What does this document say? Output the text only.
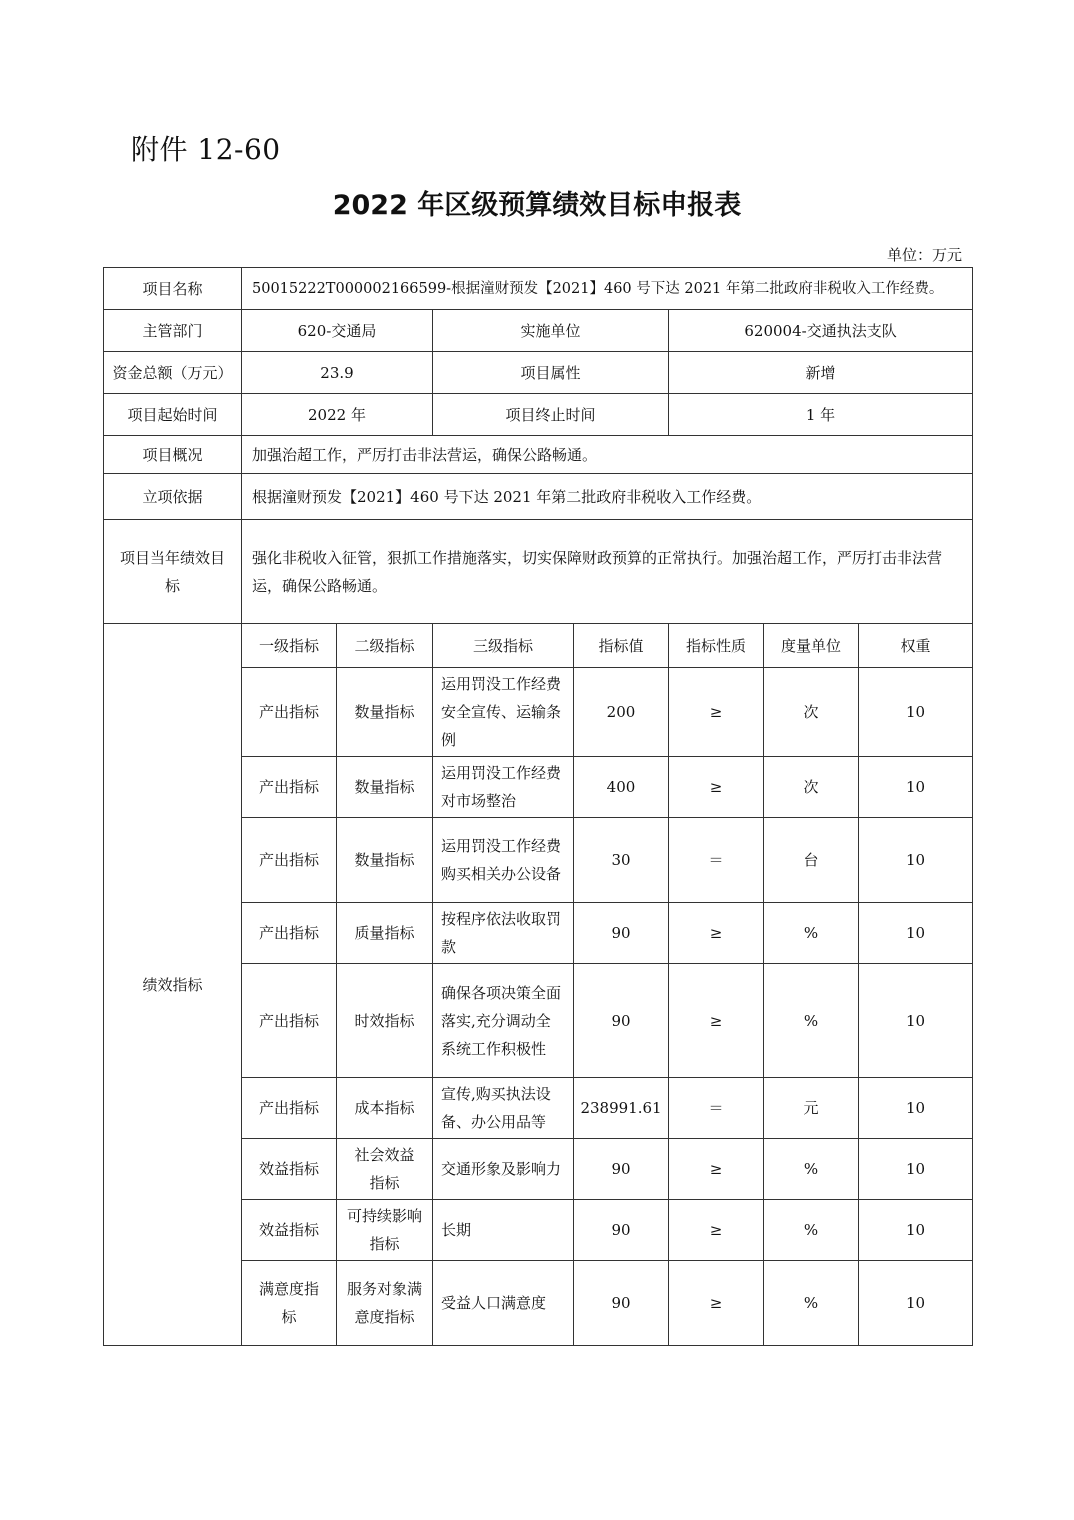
附件 12-60
2022 年区级预算绩效目标申报表
单位：万元
项目名称	50015222T000002166599-根据潼财预发【2021】460 号下达 2021 年第二批政府非税收入工作经费。						
主管部门	620-交通局		实施单位		620004-交通执法支队		
资金总额（万元）	23.9		项目属性		新增		
项目起始时间	2022 年		项目终止时间		1 年		
项目概况	加强治超工作，严厉打击非法营运，确保公路畅通。						
立项依据	根据潼财预发【2021】460 号下达 2021 年第二批政府非税收入工作经费。						
项目当年绩效目标	强化非税收入征管，狠抓工作措施落实，切实保障财政预算的正常执行。加强治超工作，严厉打击非法营运，确保公路畅通。						
绩效指标	一级指标	二级指标	三级指标	指标值	指标性质	度量单位	权重
	产出指标	数量指标	运用罚没工作经费安全宣传、运输条例	200	≥	次	10
	产出指标	数量指标	运用罚没工作经费对市场整治	400	≥	次	10
	产出指标	数量指标	运用罚没工作经费购买相关办公设备	30	＝	台	10
	产出指标	质量指标	按程序依法收取罚款	90	≥	%	10
	产出指标	时效指标	确保各项决策全面落实,充分调动全系统工作积极性	90	≥	%	10
	产出指标	成本指标	宣传,购买执法设备、办公用品等	238991.61	＝	元	10
	效益指标	社会效益指标	交通形象及影响力	90	≥	%	10
	效益指标	可持续影响指标	长期	90	≥	%	10
	满意度指标	服务对象满意度指标	受益人口满意度	90	≥	%	10
